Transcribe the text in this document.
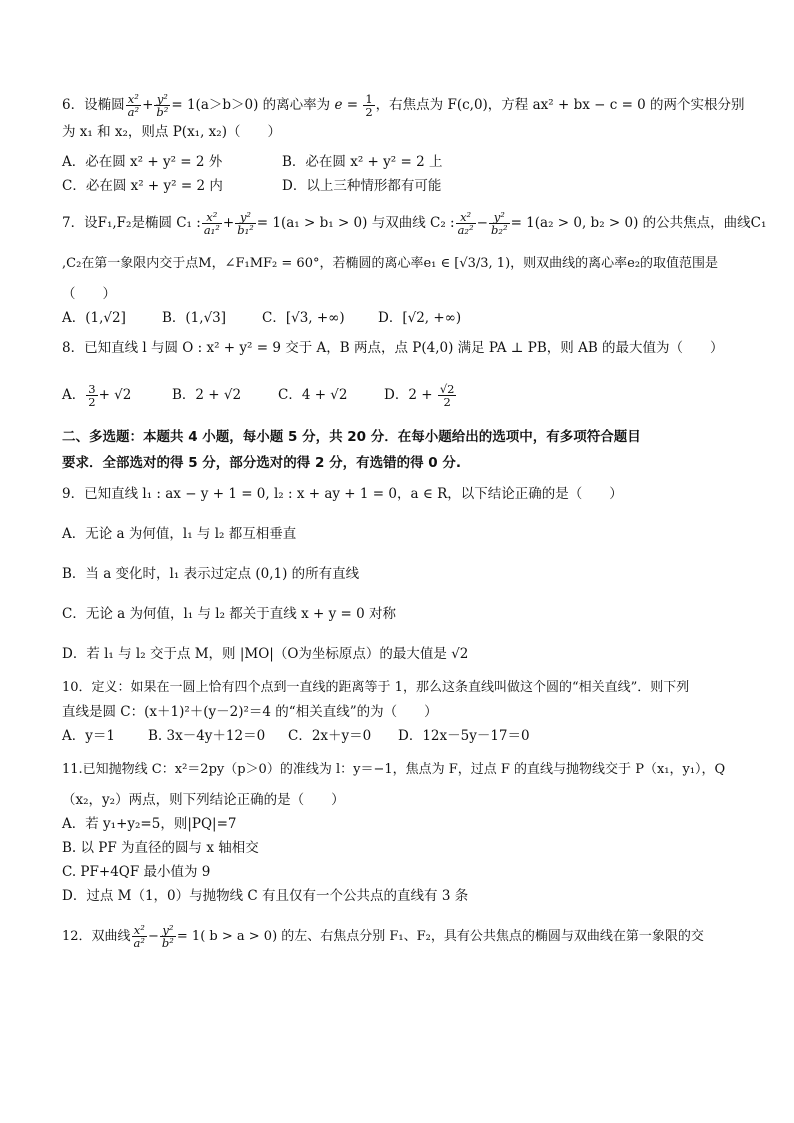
6．设椭圆 $\frac{\text{x²}}{\text{a²}} + \frac{\text{y²}}{\text{b²}} = 1(a>b>0)$ 的离心率为 $e = \frac{1}{2}$ ，右焦点为 F(c,0)，方程 ax² + bx − c = 0 的两个实根分别
为 x₁ 和 x₂，则点 P(x₁, x₂)（　　）
A．必在圆 x² + y² = 2 外	B．必在圆 x² + y² = 2 上
C．必在圆 x² + y² = 2 内	D．以上三种情形都有可能
7．设F₁,F₂是椭圆 C₁ : $\frac{\text{x²}}{\text{a₁²}} + \frac{\text{y²}}{\text{b₁²}} = 1(a_1 > b_1 > 0)$ 与双曲线 C₂ : $\frac{\text{x²}}{\text{a₂²}} - \frac{\text{y²}}{\text{b₂²}} = 1(a_2 > 0$, b₂ > 0) 的公共焦点，曲线C₁
,C₂在第一象限内交于点M，∠F₁MF₂ = 60°，若椭圆的离心率e₁ ∈ [√3/3, 1)，则双曲线的离心率e₂的取值范围是
（　　）
A．(1,√2]	B．(1,√3]	C．[√3, +∞)	D．[√2, +∞)
8．已知直线 l 与圆 O : x² + y² = 9 交于 A，B 两点，点 P(4,0) 满足 PA ⊥ PB，则 AB 的最大值为（　　）
A． $\frac{3}{2} + √2$	B．2 + √2	C．4 + √2	D．$2 + \frac{√2}{2}$
二、多选题：本题共 4 小题，每小题 5 分，共 20 分．在每小题给出的选项中，有多项符合题目
要求．全部选对的得 5 分，部分选对的得 2 分，有选错的得 0 分.
9．已知直线 l₁ : ax − y + 1 = 0, l₂ : x + ay + 1 = 0，a ∈ R，以下结论正确的是（　　）
A．无论 a 为何值，l₁ 与 l₂ 都互相垂直
B．当 a 变化时，l₁ 表示过定点 (0,1) 的所有直线
C．无论 a 为何值，l₁ 与 l₂ 都关于直线 x + y = 0 对称
D．若 l₁ 与 l₂ 交于点 M，则 |MO|（O为坐标原点）的最大值是 √2
10．定义：如果在一圆上恰有四个点到一直线的距离等于 1，那么这条直线叫做这个圆的“相关直线”．则下列
直线是圆 C：(x＋1)²＋(y－2)²＝4 的“相关直线”的为（　　）
A．y＝1	B. 3x－4y＋12＝0	C．2x＋y＝0	D．12x－5y－17＝0
11.已知抛物线 C：x²＝2py（p＞0）的准线为 l：y＝−1，焦点为 F，过点 F 的直线与抛物线交于 P（x₁，y₁），Q
（x₂，y₂）两点，则下列结论正确的是（　　）
A．若 y₁+y₂=5，则|PQ|=7
B. 以 PF 为直径的圆与 x 轴相交
C. PF+4QF 最小值为 9
D．过点 M（1，0）与抛物线 C 有且仅有一个公共点的直线有 3 条
12．双曲线 $\frac{\text{x²}}{\text{a²}} - \frac{\text{y²}}{\text{b²}} = 1$( b > a > 0) 的左、右焦点分别 F₁、F₂，具有公共焦点的椭圆与双曲线在第一象限的交
